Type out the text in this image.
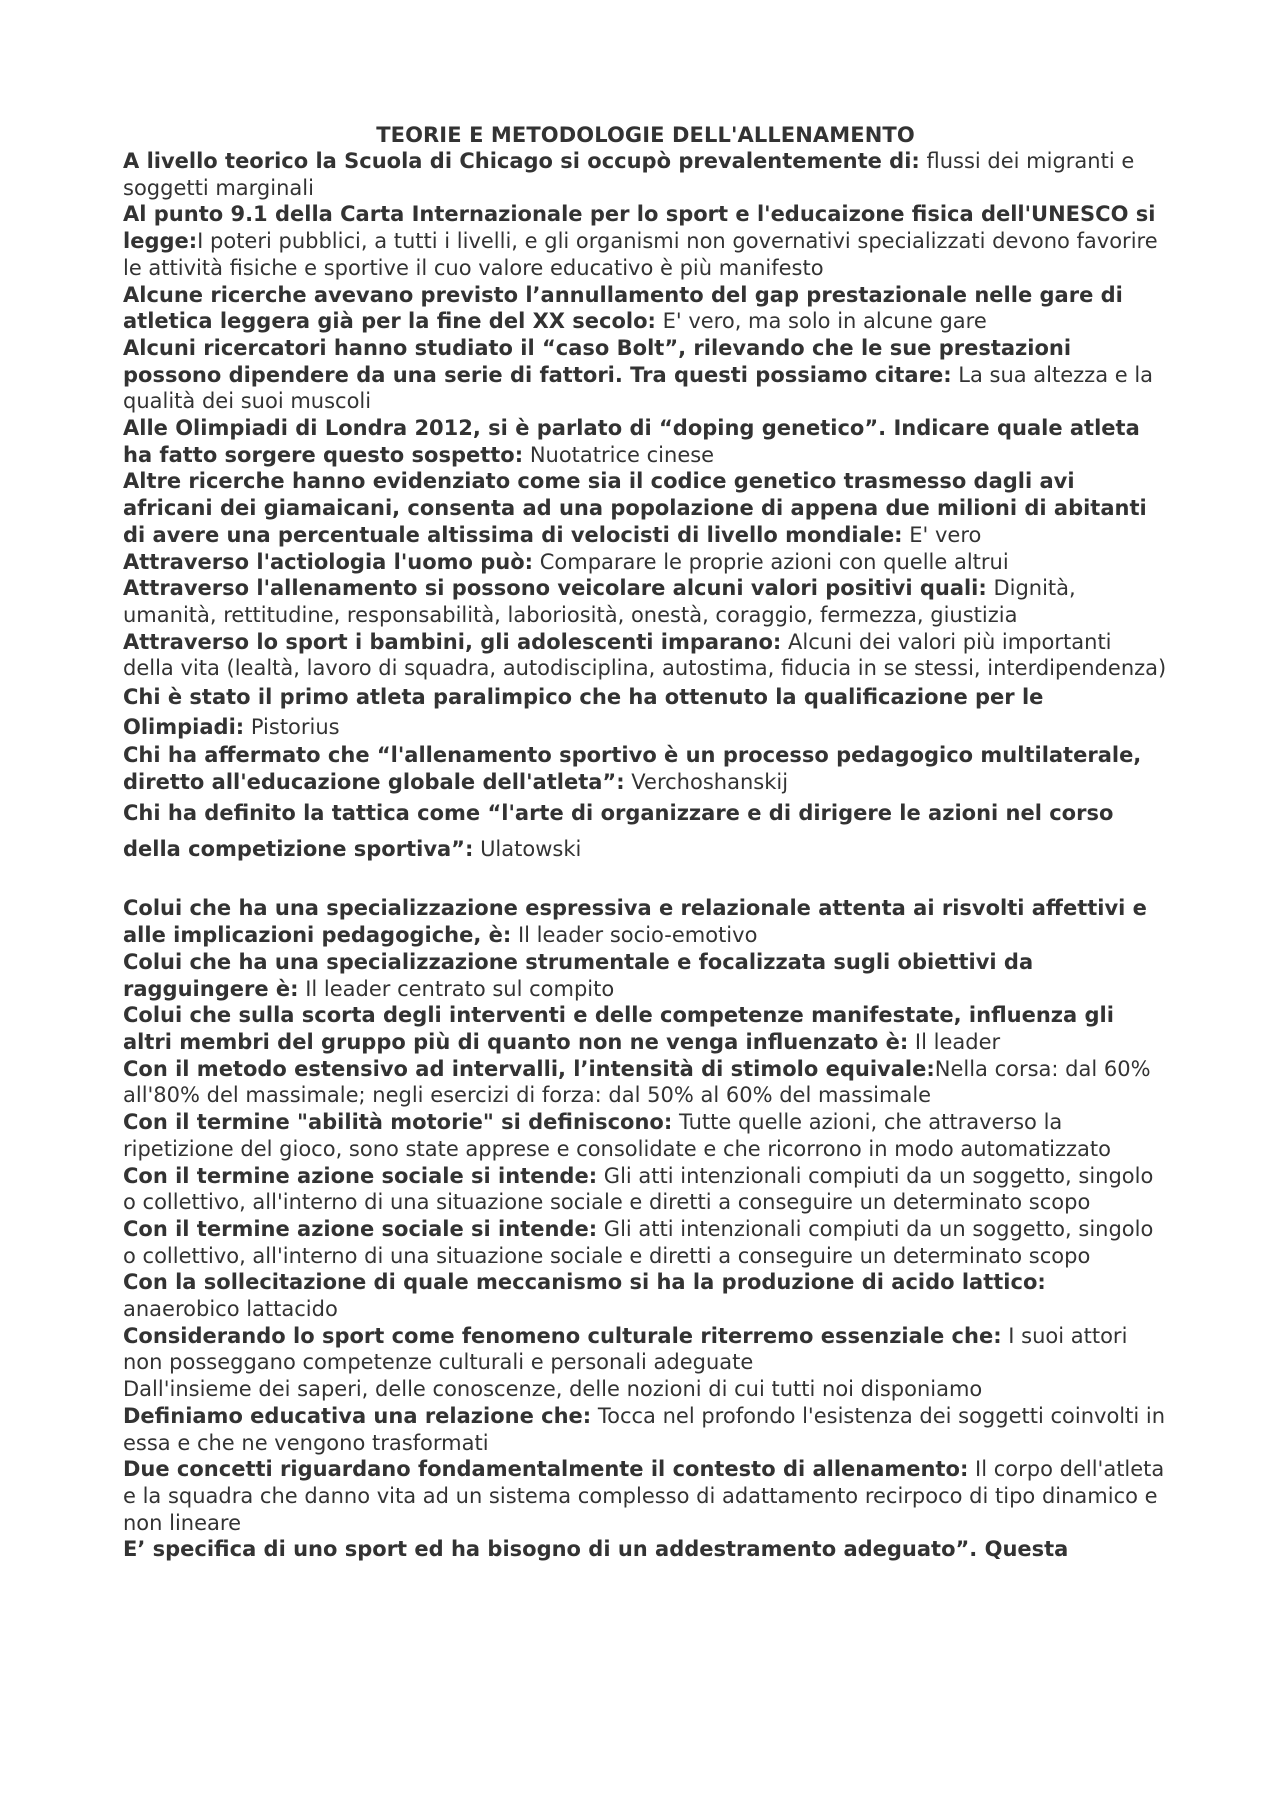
TEORIE E METODOLOGIE DELL'ALLENAMENTO

A livello teorico la Scuola di Chicago si occupò prevalentemente di: flussi dei migranti e soggetti marginali

Al punto 9.1 della Carta Internazionale per lo sport e l'educaizone fisica dell'UNESCO si legge:I poteri pubblici, a tutti i livelli, e gli organismi non governativi specializzati devono favorire le attività fisiche e sportive il cuo valore educativo è più manifesto

Alcune ricerche avevano previsto l’annullamento del gap prestazionale nelle gare di atletica leggera già per la fine del XX secolo: E' vero, ma solo in alcune gare

Alcuni ricercatori hanno studiato il “caso Bolt”, rilevando che le sue prestazioni possono dipendere da una serie di fattori. Tra questi possiamo citare: La sua altezza e la qualità dei suoi muscoli

Alle Olimpiadi di Londra 2012, si è parlato di “doping genetico”. Indicare quale atleta ha fatto sorgere questo sospetto: Nuotatrice cinese

Altre ricerche hanno evidenziato come sia il codice genetico trasmesso dagli avi africani dei giamaicani, consenta ad una popolazione di appena due milioni di abitanti di avere una percentuale altissima di velocisti di livello mondiale: E' vero

Attraverso l'actiologia l'uomo può: Comparare le proprie azioni con quelle altrui

Attraverso l'allenamento si possono veicolare alcuni valori positivi quali: Dignità, umanità, rettitudine, responsabilità, laboriosità, onestà, coraggio, fermezza, giustizia

Attraverso lo sport i bambini, gli adolescenti imparano: Alcuni dei valori più importanti della vita (lealtà, lavoro di squadra, autodisciplina, autostima, fiducia in se stessi, interdipendenza)

Chi è stato il primo atleta paralimpico che ha ottenuto la qualificazione per le Olimpiadi: Pistorius

Chi ha affermato che “l'allenamento sportivo è un processo pedagogico multilaterale, diretto all'educazione globale dell'atleta”: Verchoshanskij

Chi ha definito la tattica come “l'arte di organizzare e di dirigere le azioni nel corso della competizione sportiva”: Ulatowski

Colui che ha una specializzazione espressiva e relazionale attenta ai risvolti affettivi e alle implicazioni pedagogiche, è: Il leader socio-emotivo

Colui che ha una specializzazione strumentale e focalizzata sugli obiettivi da ragguingere è: Il leader centrato sul compito

Colui che sulla scorta degli interventi e delle competenze manifestate, influenza gli altri membri del gruppo più di quanto non ne venga influenzato è: Il leader

Con il metodo estensivo ad intervalli, l’intensità di stimolo equivale:Nella corsa: dal 60% all'80% del massimale; negli esercizi di forza: dal 50% al 60% del massimale

Con il termine "abilità motorie" si definiscono: Tutte quelle azioni, che attraverso la ripetizione del gioco, sono state apprese e consolidate e che ricorrono in modo automatizzato

Con il termine azione sociale si intende: Gli atti intenzionali compiuti da un soggetto, singolo o collettivo, all'interno di una situazione sociale e diretti a conseguire un determinato scopo

Con il termine azione sociale si intende: Gli atti intenzionali compiuti da un soggetto, singolo o collettivo, all'interno di una situazione sociale e diretti a conseguire un determinato scopo

Con la sollecitazione di quale meccanismo si ha la produzione di acido lattico: anaerobico lattacido

Considerando lo sport come fenomeno culturale riterremo essenziale che: I suoi attori non posseggano competenze culturali e personali adeguate

Dall'insieme dei saperi, delle conoscenze, delle nozioni di cui tutti noi disponiamo

Definiamo educativa una relazione che: Tocca nel profondo l'esistenza dei soggetti coinvolti in essa e che ne vengono trasformati

Due concetti riguardano fondamentalmente il contesto di allenamento: Il corpo dell'atleta e la squadra che danno vita ad un sistema complesso di adattamento recirpoco di tipo dinamico e non lineare

E’ specifica di uno sport ed ha bisogno di un addestramento adeguato”. Questa
